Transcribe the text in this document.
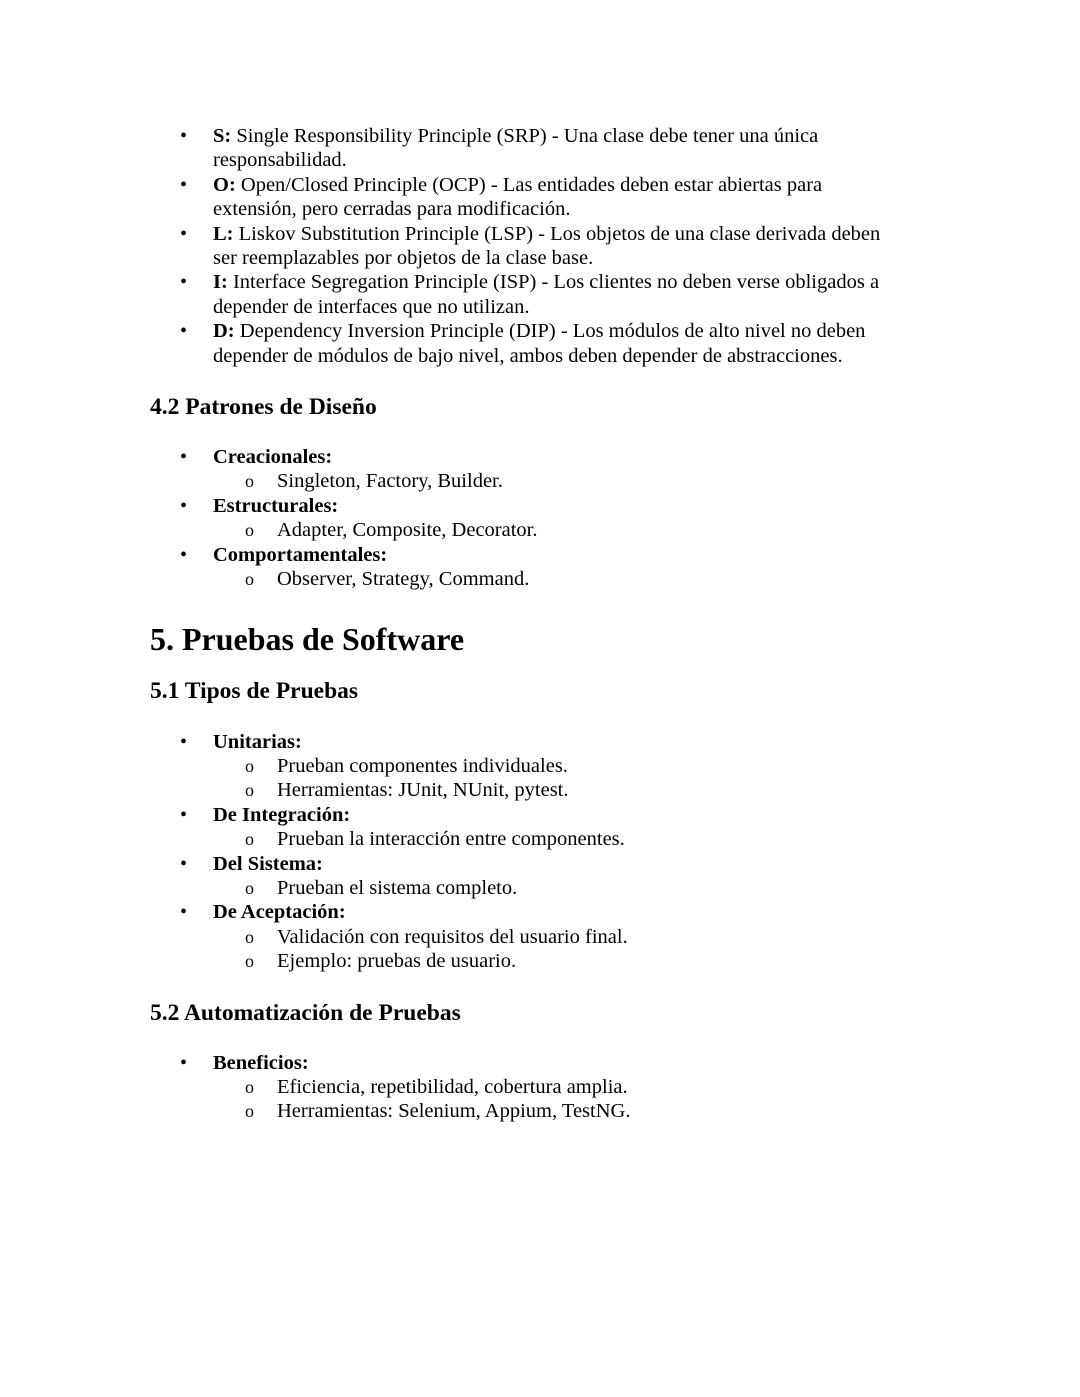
• S: Single Responsibility Principle (SRP) - Una clase debe tener una única responsabilidad.
• O: Open/Closed Principle (OCP) - Las entidades deben estar abiertas para extensión, pero cerradas para modificación.
• L: Liskov Substitution Principle (LSP) - Los objetos de una clase derivada deben ser reemplazables por objetos de la clase base.
• I: Interface Segregation Principle (ISP) - Los clientes no deben verse obligados a depender de interfaces que no utilizan.
• D: Dependency Inversion Principle (DIP) - Los módulos de alto nivel no deben depender de módulos de bajo nivel, ambos deben depender de abstracciones.
4.2 Patrones de Diseño
• Creacionales:
o Singleton, Factory, Builder.
• Estructurales:
o Adapter, Composite, Decorator.
• Comportamentales:
o Observer, Strategy, Command.
5. Pruebas de Software
5.1 Tipos de Pruebas
• Unitarias:
o Prueban componentes individuales.
o Herramientas: JUnit, NUnit, pytest.
• De Integración:
o Prueban la interacción entre componentes.
• Del Sistema:
o Prueban el sistema completo.
• De Aceptación:
o Validación con requisitos del usuario final.
o Ejemplo: pruebas de usuario.
5.2 Automatización de Pruebas
• Beneficios:
o Eficiencia, repetibilidad, cobertura amplia.
o Herramientas: Selenium, Appium, TestNG.
